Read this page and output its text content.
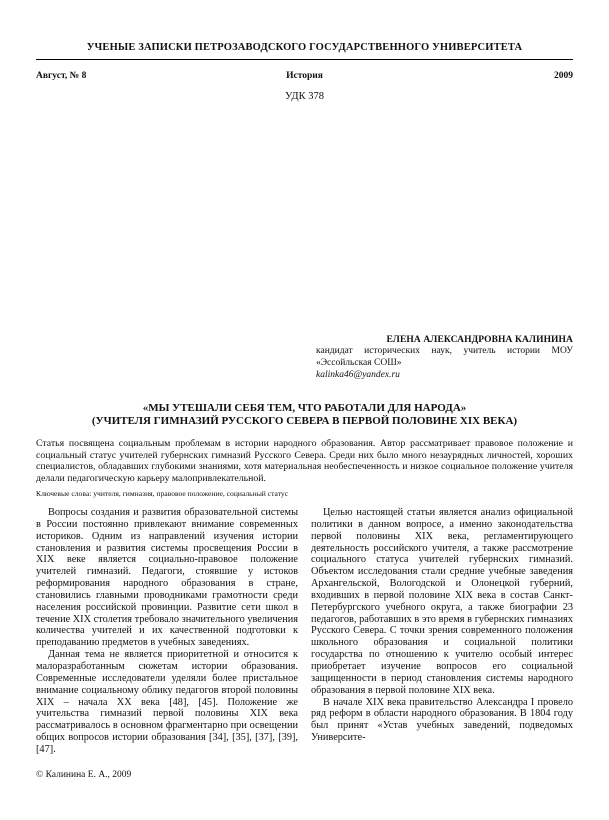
УЧЕНЫЕ ЗАПИСКИ ПЕТРОЗАВОДСКОГО ГОСУДАРСТВЕННОГО УНИВЕРСИТЕТА
Август, № 8	История	2009
УДК 378
ЕЛЕНА АЛЕКСАНДРОВНА КАЛИНИНА
кандидат исторических наук, учитель истории МОУ «Эссойльская СОШ»
kalinka46@yandex.ru
«МЫ УТЕШАЛИ СЕБЯ ТЕМ, ЧТО РАБОТАЛИ ДЛЯ НАРОДА»
(УЧИТЕЛЯ ГИМНАЗИЙ РУССКОГО СЕВЕРА В ПЕРВОЙ ПОЛОВИНЕ XIX ВЕКА)
Статья посвящена социальным проблемам в истории народного образования. Автор рассматривает правовое положение и социальный статус учителей губернских гимназий Русского Севера. Среди них было много незаурядных личностей, хороших специалистов, обладавших глубокими знаниями, хотя материальная необеспеченность и низкое социальное положение учителя делали педагогическую карьеру малопривлекательной.
Ключевые слова: учителя, гимназия, правовое положение, социальный статус

Вопросы создания и развития образовательной системы в России постоянно привлекают внимание современных историков. Одним из направлений изучения истории становления и развития системы просвещения России в XIX веке является социально-правовое положение учителей гимназий. Педагоги, стоявшие у истоков реформирования народного образования в стране, становились главными проводниками грамотности среди населения российской провинции. Развитие сети школ в течение XIX столетия требовало значительного увеличения количества учителей и их качественной подготовки к преподаванию предметов в учебных заведениях.

Данная тема не является приоритетной и относится к малоразработанным сюжетам истории образования. Современные исследователи уделяли более пристальное внимание социальному облику педагогов второй половины XIX – начала XX века [48], [45]. Положение же учительства гимназий первой половины XIX века рассматривалось в основном фрагментарно при освещении общих вопросов истории образования [34], [35], [37], [39], [47].

Целью настоящей статьи является анализ официальной политики в данном вопросе, а именно законодательства первой половины XIX века, регламентирующего деятельность российского учителя, а также рассмотрение социального статуса учителей губернских гимназий. Объектом исследования стали средние учебные заведения Архангельской, Вологодской и Олонецкой губерний, входивших в первой половине XIX века в состав Санкт-Петербургского учебного округа, а также биографии 23 педагогов, работавших в это время в губернских гимназиях Русского Севера. С точки зрения современного положения школьного образования и социальной политики государства по отношению к учителю особый интерес приобретает изучение вопросов его социальной защищенности в период становления системы народного образования в первой половине XIX века.

В начале XIX века правительство Александра I провело ряд реформ в области народного образования. В 1804 году был принят «Устав учебных заведений, подведомых Университе-

© Калинина Е. А., 2009
